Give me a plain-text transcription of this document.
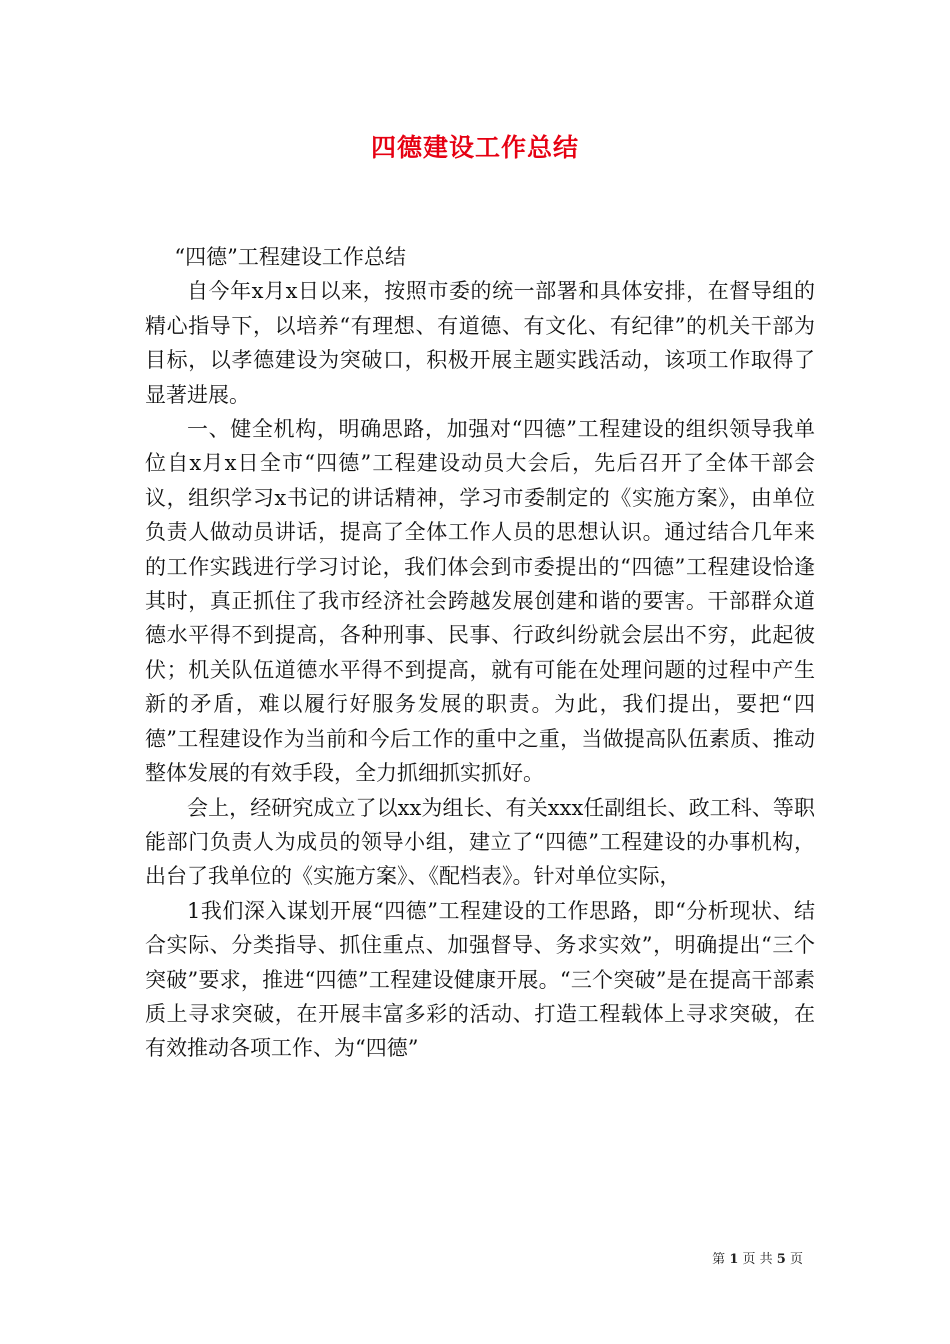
四德建设工作总结

“四德”工程建设工作总结

自今年x月x日以来，按照市委的统一部署和具体安排，在督导组的精心指导下，以培养“有理想、有道德、有文化、有纪律”的机关干部为目标，以孝德建设为突破口，积极开展主题实践活动，该项工作取得了显著进展。

一、健全机构，明确思路，加强对“四德”工程建设的组织领导我单位自x月x日全市“四德”工程建设动员大会后，先后召开了全体干部会议，组织学习x书记的讲话精神，学习市委制定的《实施方案》，由单位负责人做动员讲话，提高了全体工作人员的思想认识。通过结合几年来的工作实践进行学习讨论，我们体会到市委提出的“四德”工程建设恰逢其时，真正抓住了我市经济社会跨越发展创建和谐的要害。干部群众道德水平得不到提高，各种刑事、民事、行政纠纷就会层出不穷，此起彼伏；机关队伍道德水平得不到提高，就有可能在处理问题的过程中产生新的矛盾，难以履行好服务发展的职责。为此，我们提出，要把“四德”工程建设作为当前和今后工作的重中之重，当做提高队伍素质、推动整体发展的有效手段，全力抓细抓实抓好。

会上，经研究成立了以xx为组长、有关xxx任副组长、政工科、等职能部门负责人为成员的领导小组，建立了“四德”工程建设的办事机构，出台了我单位的《实施方案》、《配档表》。针对单位实际，

1我们深入谋划开展“四德”工程建设的工作思路，即“分析现状、结合实际、分类指导、抓住重点、加强督导、务求实效”，明确提出“三个突破”要求，推进“四德”工程建设健康开展。“三个突破”是在提高干部素质上寻求突破，在开展丰富多彩的活动、打造工程载体上寻求突破，在有效推动各项工作、为“四德”

第 1 页 共 5 页
